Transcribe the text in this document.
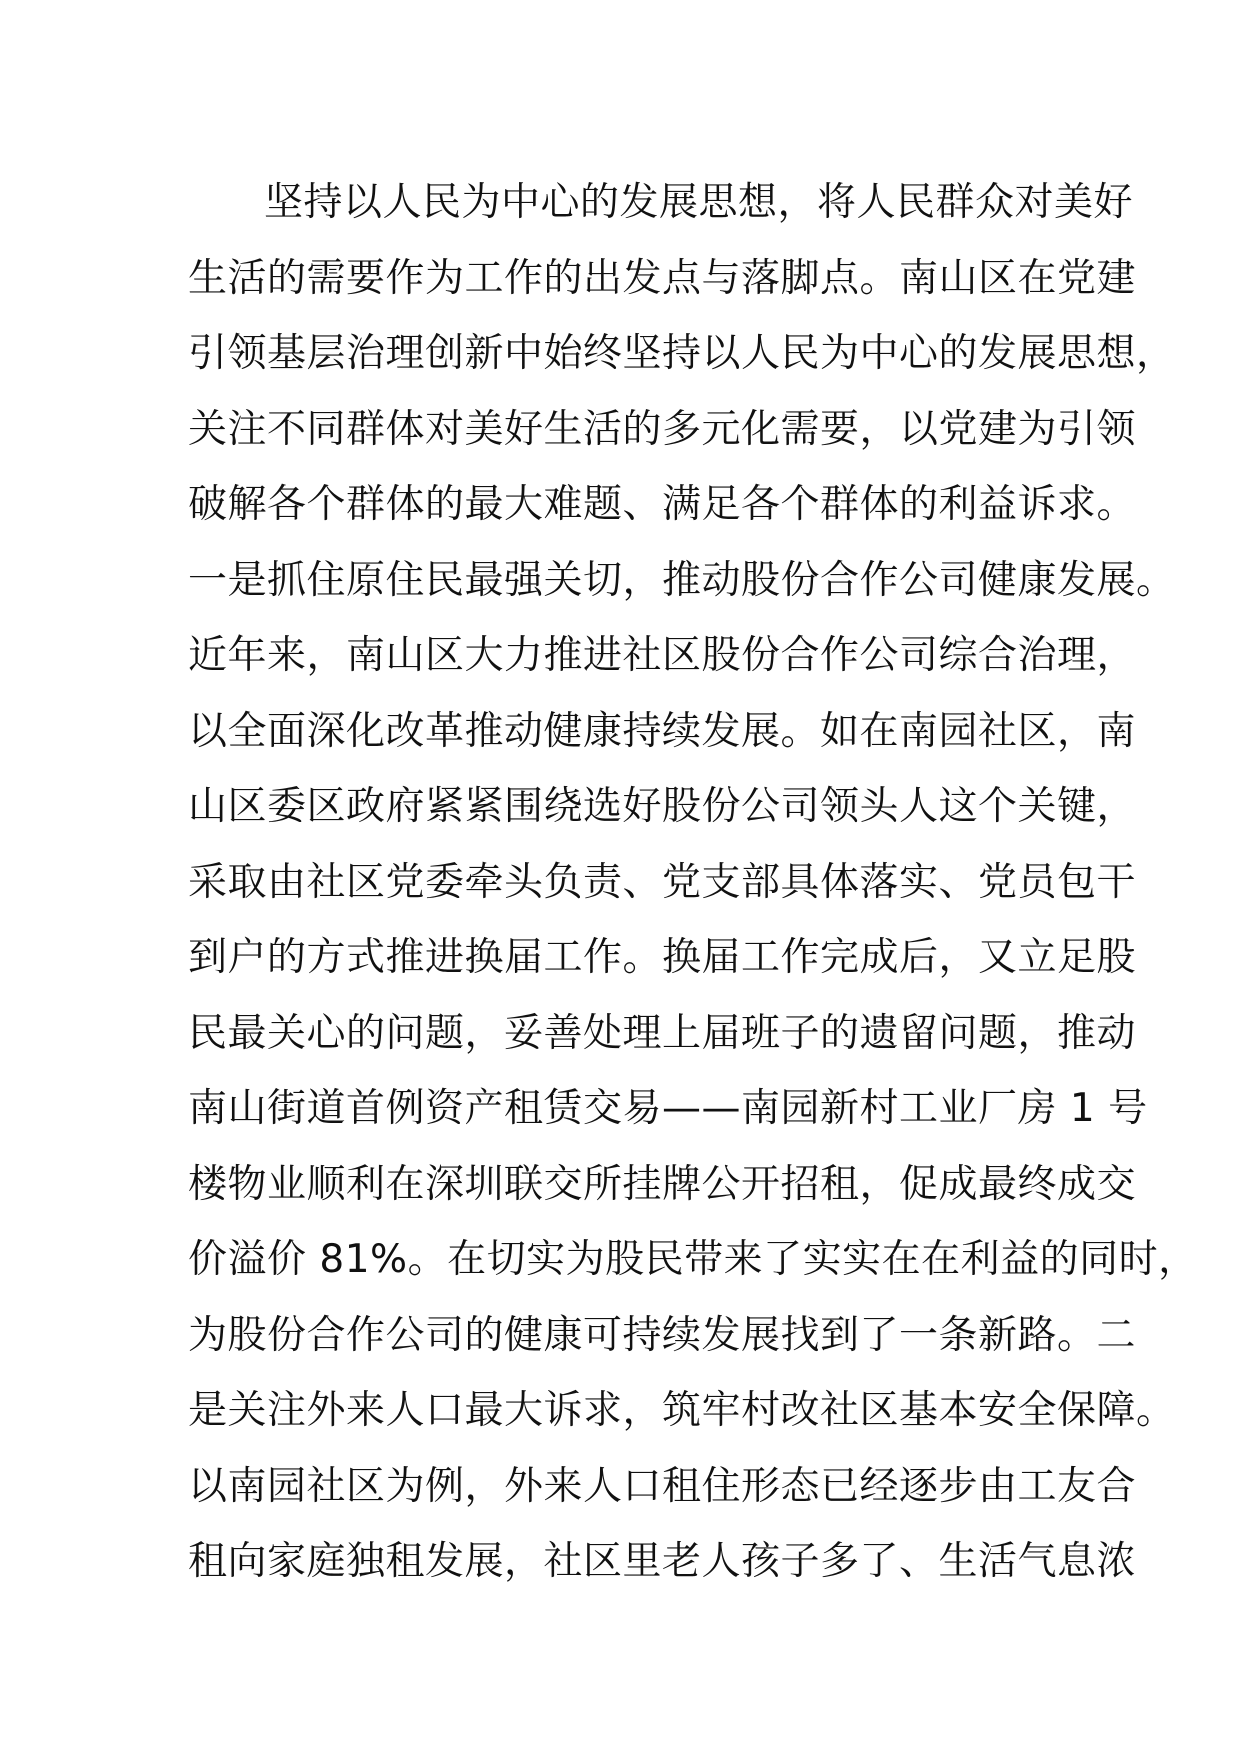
坚持以人民为中心的发展思想，将人民群众对美好
生活的需要作为工作的出发点与落脚点。南山区在党建
引领基层治理创新中始终坚持以人民为中心的发展思想，
关注不同群体对美好生活的多元化需要，以党建为引领
破解各个群体的最大难题、满足各个群体的利益诉求。
一是抓住原住民最强关切，推动股份合作公司健康发展。
近年来，南山区大力推进社区股份合作公司综合治理，
以全面深化改革推动健康持续发展。如在南园社区，南
山区委区政府紧紧围绕选好股份公司领头人这个关键，
采取由社区党委牵头负责、党支部具体落实、党员包干
到户的方式推进换届工作。换届工作完成后，又立足股
民最关心的问题，妥善处理上届班子的遗留问题，推动
南山街道首例资产租赁交易——南园新村工业厂房 1 号
楼物业顺利在深圳联交所挂牌公开招租，促成最终成交
价溢价 81%。在切实为股民带来了实实在在利益的同时，
为股份合作公司的健康可持续发展找到了一条新路。二
是关注外来人口最大诉求，筑牢村改社区基本安全保障。
以南园社区为例，外来人口租住形态已经逐步由工友合
租向家庭独租发展，社区里老人孩子多了、生活气息浓
